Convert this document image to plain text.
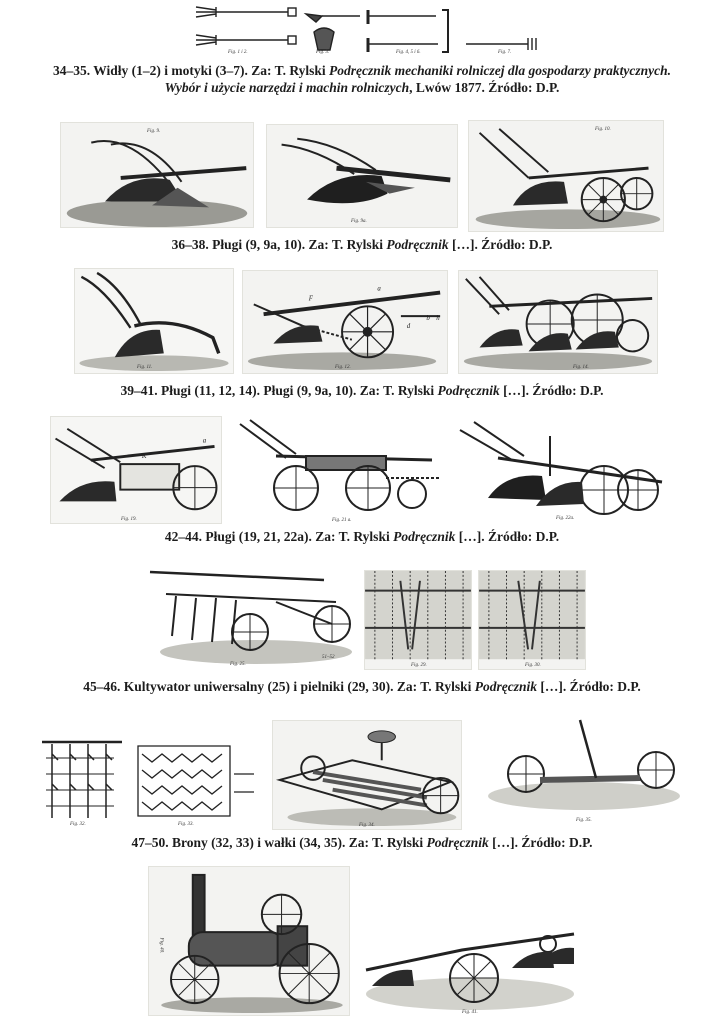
Fig. 1 i 2.	Fig. 3.	Fig. 4, 5 i 6.	Fig. 7.
34–35. Widły (1–2) i motyki (3–7). Za: T. Rylski Podręcznik mechaniki rolniczej dla gospodarzy praktycznych.
Wybór i użycie narzędzi i machin rolniczych, Lwów 1877. Źródło: D.P.
Fig. 9.
Fig. 9a.
Fig. 10.
36–38. Pługi (9, 9a, 10). Za: T. Rylski Podręcznik […]. Źródło: D.P.
Fig. 11.
F
a
d
b h
Fig. 12.	Fig. 14.
39–41. Pługi (11, 12, 14). Pługi (9, 9a, 10). Za: T. Rylski Podręcznik […]. Źródło: D.P.
K
a
Fig. 19.	Fig. 21 a.	Fig. 22a.
42–44. Pługi (19, 21, 22a). Za: T. Rylski Podręcznik […]. Źródło: D.P.
51–52
Fig. 25.	Fig. 29.	Fig. 30.
45–46. Kultywator uniwersalny (25) i pielniki (29, 30). Za: T. Rylski Podręcznik […]. Źródło: D.P.
Fig. 32.	Fig. 33.	Fig. 34.
Fig. 35.
47–50. Brony (32, 33) i wałki (34, 35). Za: T. Rylski Podręcznik […]. Źródło: D.P.
Fig. 40.
Fig. 41.
